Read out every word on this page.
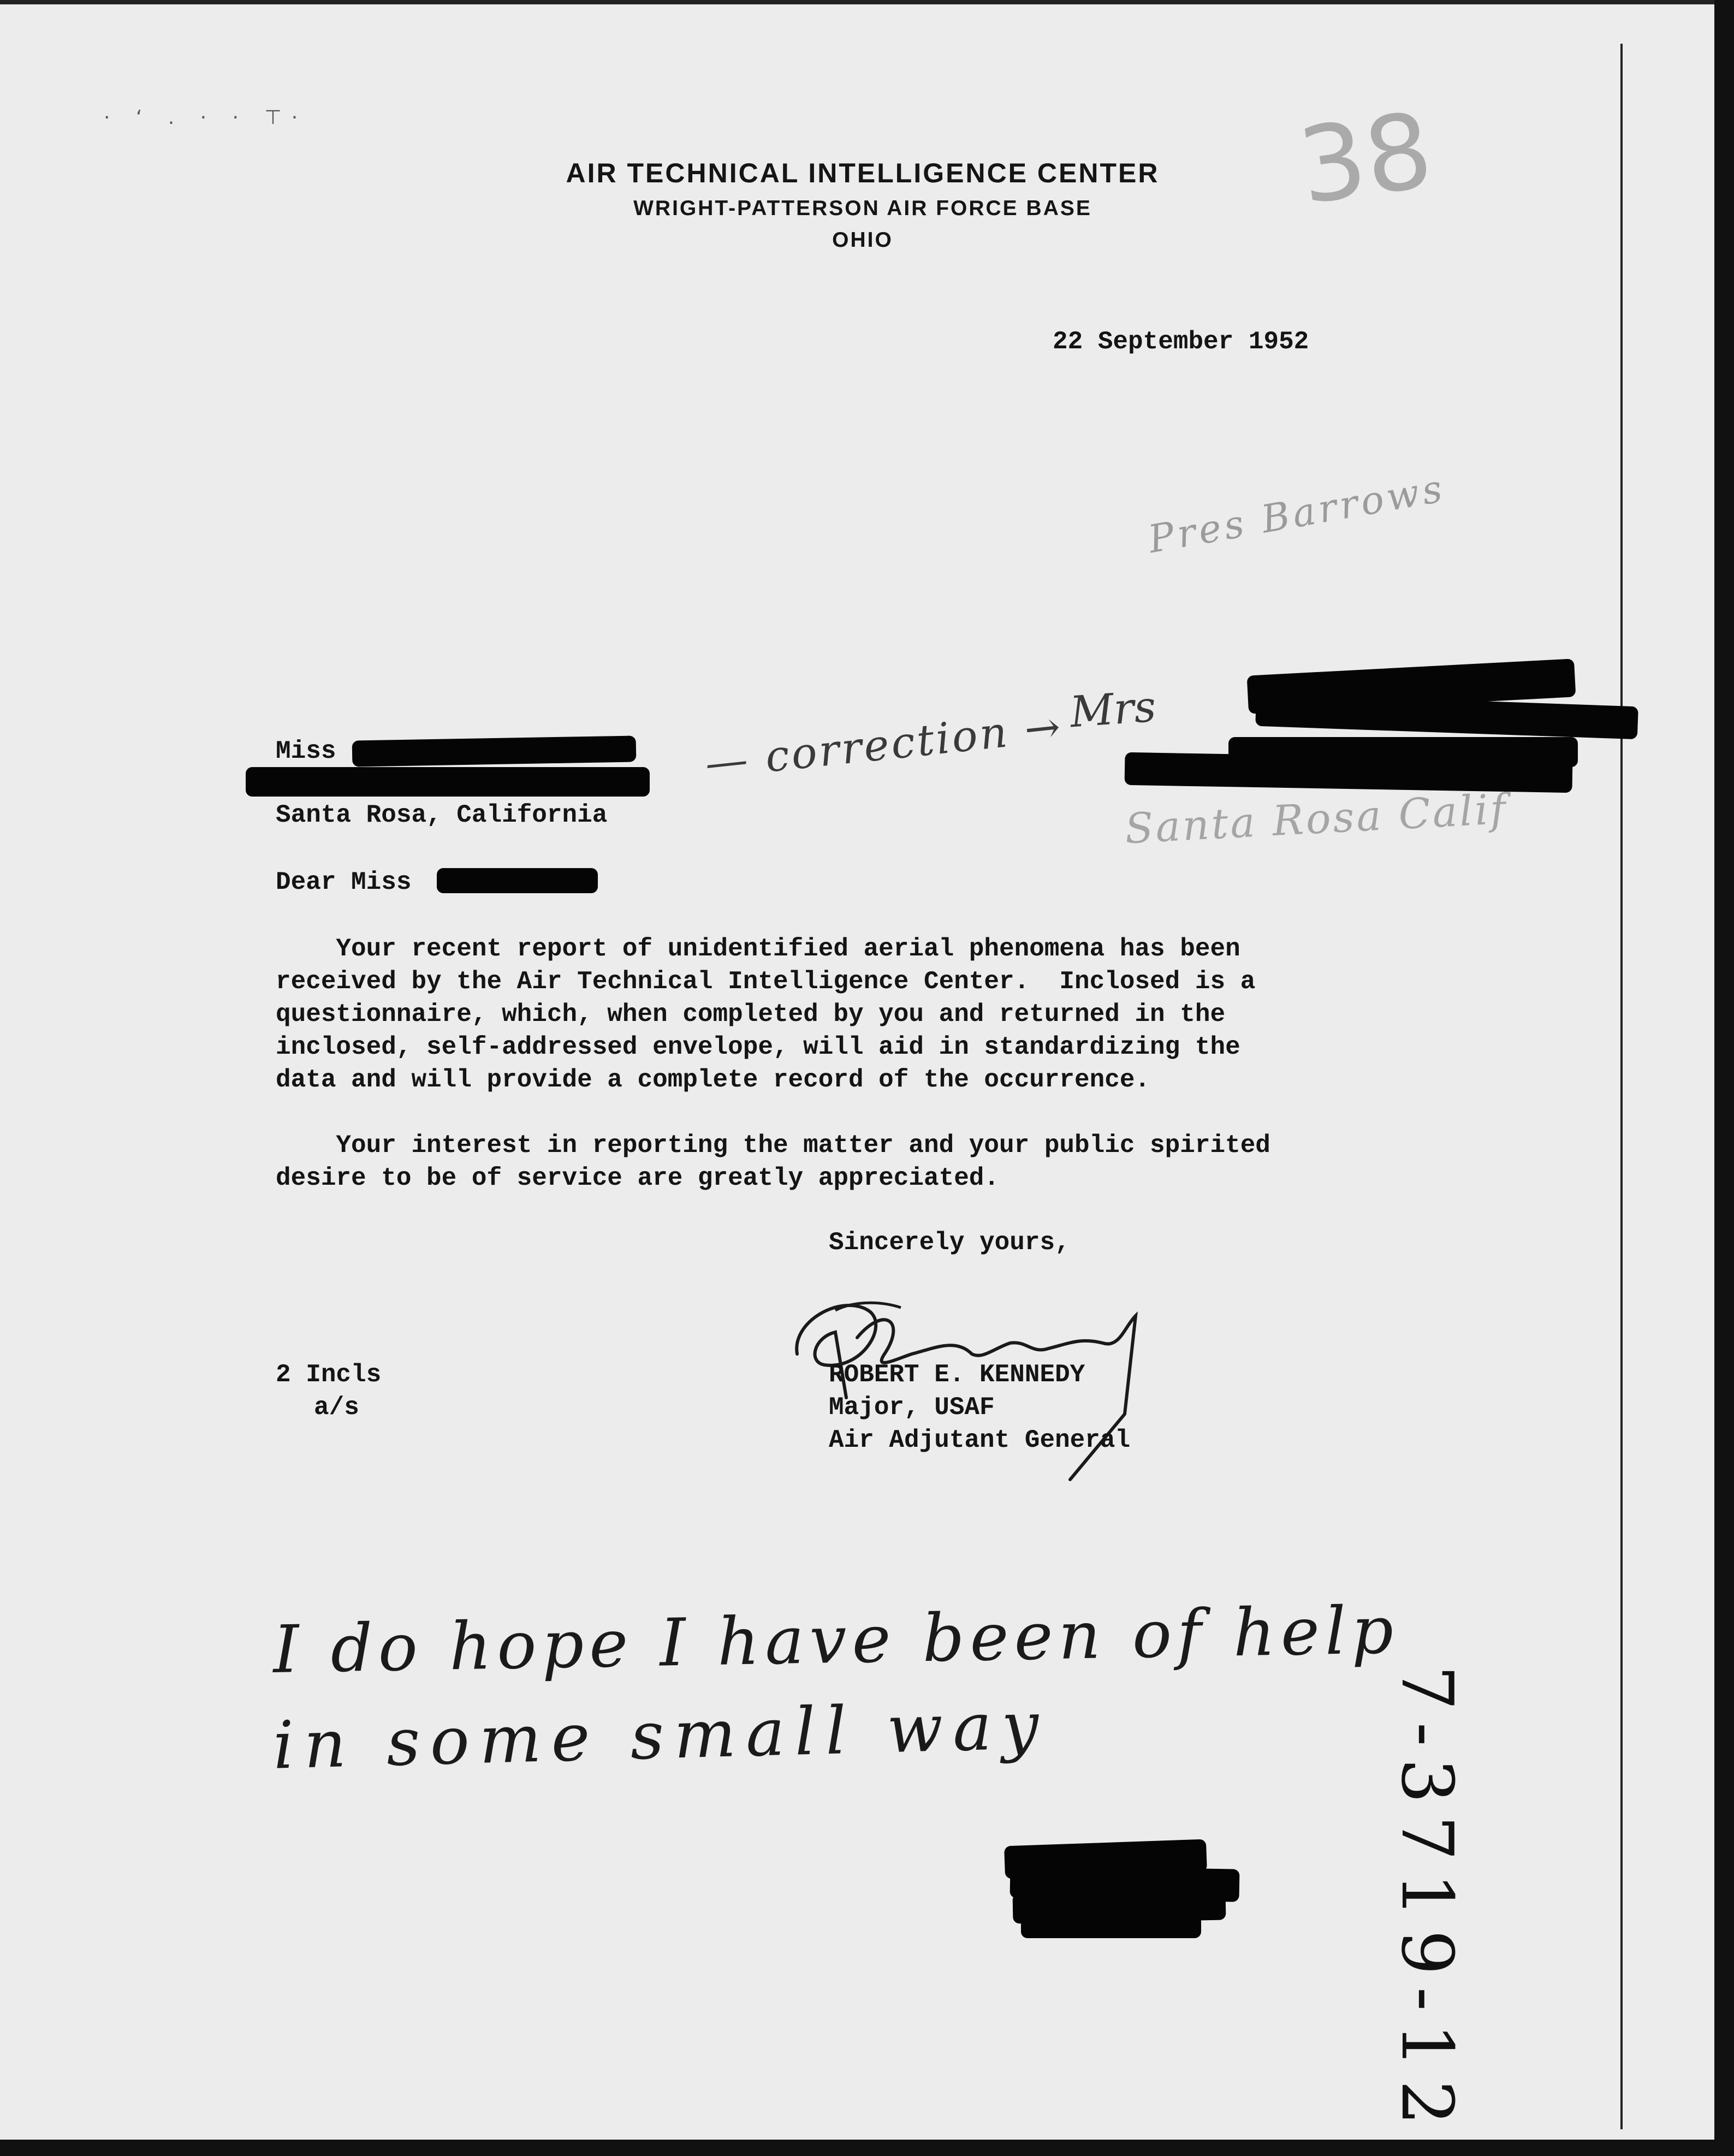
· ʻ . · · ⊤·
AIR TECHNICAL INTELLIGENCE CENTER
WRIGHT-PATTERSON AIR FORCE BASE
OHIO
38
22 September 1952
Pres Barrows
Mrs
— correction →
Miss
Santa Rosa, California	Santa Rosa Calif
Dear Miss
Your recent report of unidentified aerial phenomena has been
received by the Air Technical Intelligence Center.  Inclosed is a
questionnaire, which, when completed by you and returned in the
inclosed, self-addressed envelope, will aid in standardizing the
data and will provide a complete record of the occurrence.
Your interest in reporting the matter and your public spirited
desire to be of service are greatly appreciated.
Sincerely yours,
2 Incls
a/s
ROBERT E. KENNEDY
Major, USAF
Air Adjutant General
I do hope I have been of help
in some small way	7-3719-12
